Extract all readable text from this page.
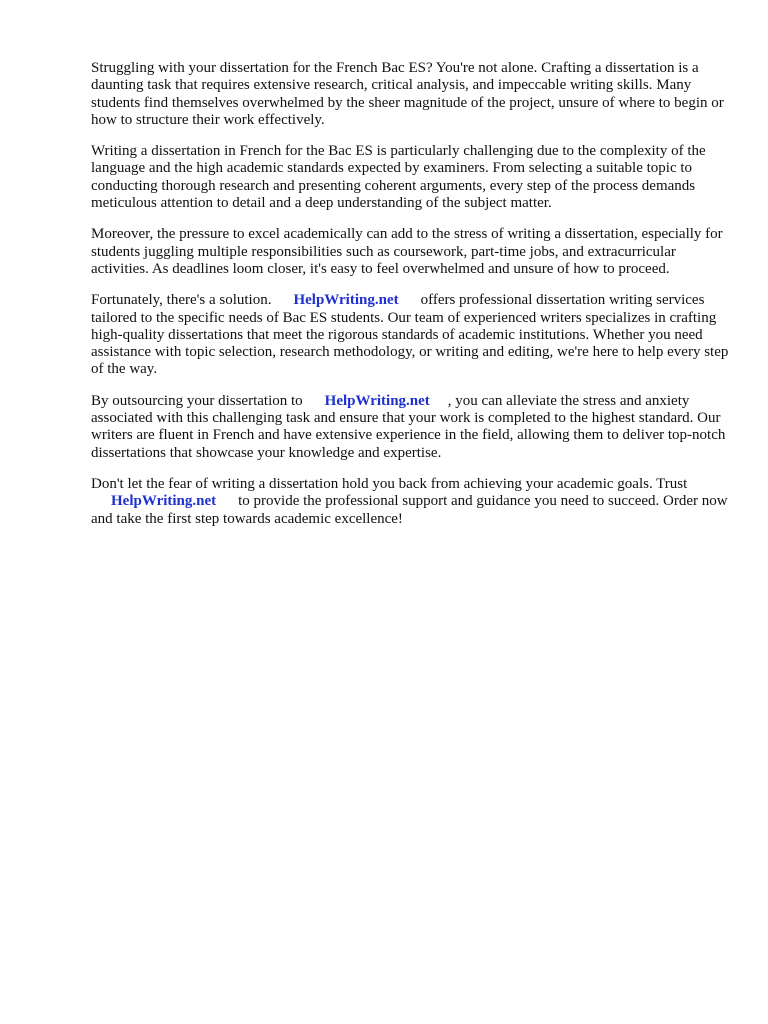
Struggling with your dissertation for the French Bac ES? You're not alone. Crafting a dissertation is a daunting task that requires extensive research, critical analysis, and impeccable writing skills. Many students find themselves overwhelmed by the sheer magnitude of the project, unsure of where to begin or how to structure their work effectively.

Writing a dissertation in French for the Bac ES is particularly challenging due to the complexity of the language and the high academic standards expected by examiners. From selecting a suitable topic to conducting thorough research and presenting coherent arguments, every step of the process demands meticulous attention to detail and a deep understanding of the subject matter.

Moreover, the pressure to excel academically can add to the stress of writing a dissertation, especially for students juggling multiple responsibilities such as coursework, part-time jobs, and extracurricular activities. As deadlines loom closer, it's easy to feel overwhelmed and unsure of how to proceed.

Fortunately, there's a solution. HelpWriting.net offers professional dissertation writing services tailored to the specific needs of Bac ES students. Our team of experienced writers specializes in crafting high-quality dissertations that meet the rigorous standards of academic institutions. Whether you need assistance with topic selection, research methodology, or writing and editing, we're here to help every step of the way.

By outsourcing your dissertation to HelpWriting.net , you can alleviate the stress and anxiety associated with this challenging task and ensure that your work is completed to the highest standard. Our writers are fluent in French and have extensive experience in the field, allowing them to deliver top-notch dissertations that showcase your knowledge and expertise.

Don't let the fear of writing a dissertation hold you back from achieving your academic goals. Trust
HelpWriting.net to provide the professional support and guidance you need to succeed. Order now and take the first step towards academic excellence!
